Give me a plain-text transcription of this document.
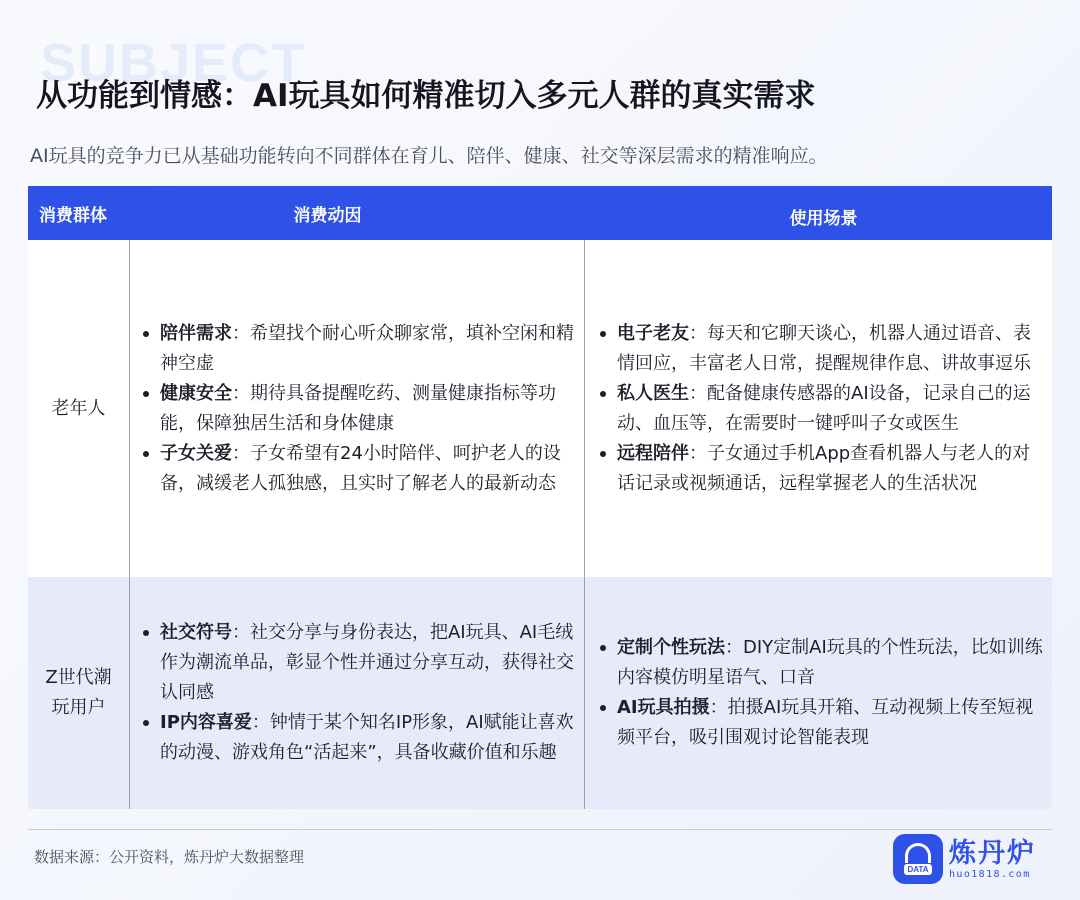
SUBJECT
从功能到情感：AI玩具如何精准切入多元人群的真实需求

AI玩具的竞争力已从基础功能转向不同群体在育儿、陪伴、健康、社交等深层需求的精准响应。

消费群体	消费动因	使用场景
老年人
陪伴需求：希望找个耐心听众聊家常，填补空闲和精神空虚
健康安全：期待具备提醒吃药、测量健康指标等功能，保障独居生活和身体健康
子女关爱：子女希望有24小时陪伴、呵护老人的设备，减缓老人孤独感，且实时了解老人的最新动态
电子老友：每天和它聊天谈心，机器人通过语音、表情回应，丰富老人日常，提醒规律作息、讲故事逗乐
私人医生：配备健康传感器的AI设备，记录自己的运动、血压等，在需要时一键呼叫子女或医生
远程陪伴：子女通过手机App查看机器人与老人的对话记录或视频通话，远程掌握老人的生活状况
Z世代潮
玩用户
社交符号：社交分享与身份表达，把AI玩具、AI毛绒作为潮流单品，彰显个性并通过分享互动，获得社交认同感
IP内容喜爱：钟情于某个知名IP形象，AI赋能让喜欢的动漫、游戏角色“活起来”，具备收藏价值和乐趣
定制个性玩法：DIY定制AI玩具的个性玩法，比如训练内容模仿明星语气、口音
AI玩具拍摄：拍摄AI玩具开箱、互动视频上传至短视频平台，吸引围观讨论智能表现
数据来源：公开资料，炼丹炉大数据整理
DATA
炼丹炉
huo1818.com
